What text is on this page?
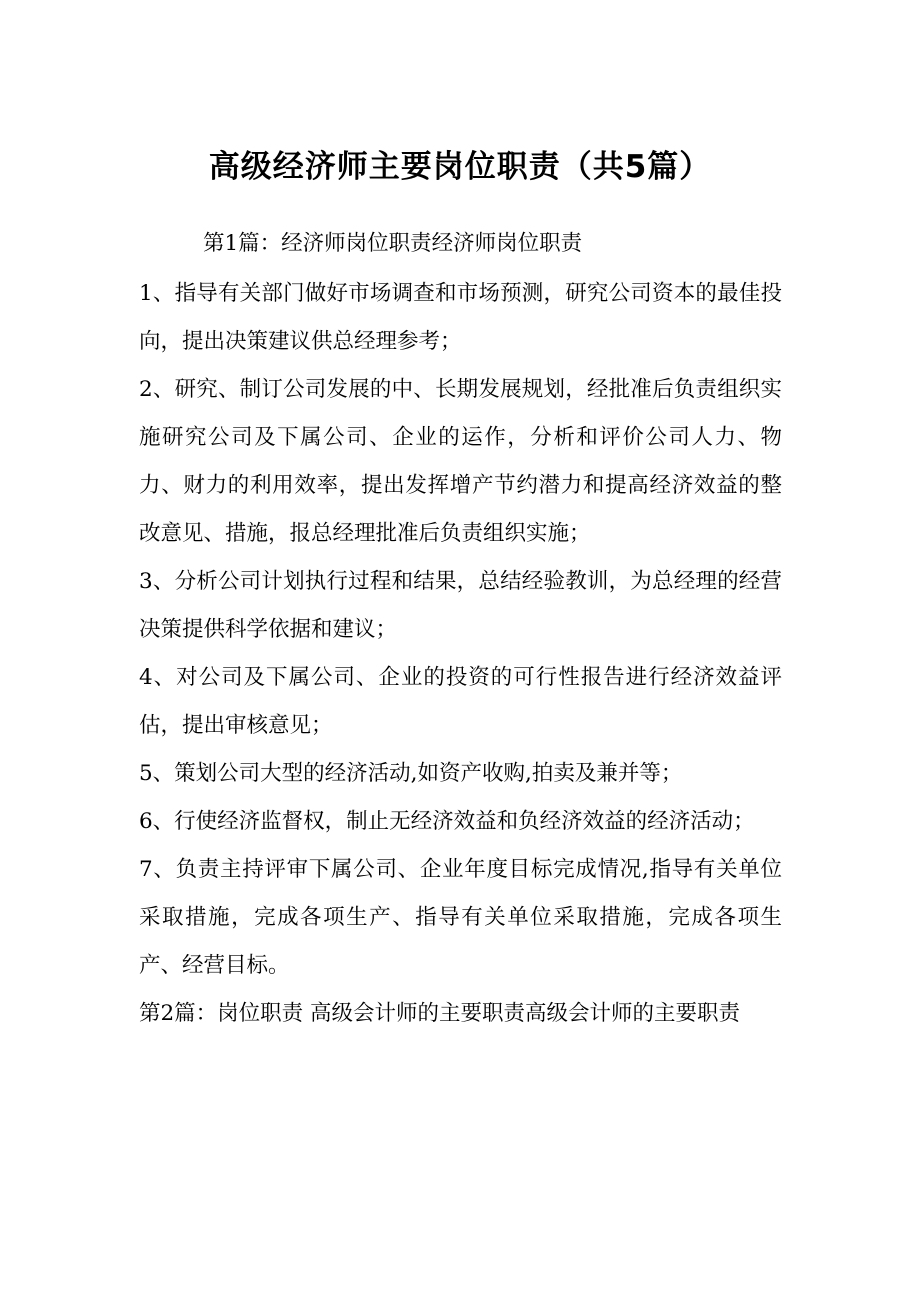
高级经济师主要岗位职责（共5篇）

第1篇：经济师岗位职责经济师岗位职责

1、指导有关部门做好市场调查和市场预测，研究公司资本的最佳投向，提出决策建议供总经理参考；

2、研究、制订公司发展的中、长期发展规划，经批准后负责组织实施研究公司及下属公司、企业的运作，分析和评价公司人力、物力、财力的利用效率，提出发挥增产节约潜力和提高经济效益的整改意见、措施，报总经理批准后负责组织实施；

3、分析公司计划执行过程和结果，总结经验教训，为总经理的经营决策提供科学依据和建议；

4、对公司及下属公司、企业的投资的可行性报告进行经济效益评估，提出审核意见；

5、策划公司大型的经济活动,如资产收购,拍卖及兼并等；

6、行使经济监督权，制止无经济效益和负经济效益的经济活动；

7、负责主持评审下属公司、企业年度目标完成情况,指导有关单位采取措施，完成各项生产、指导有关单位采取措施，完成各项生产、经营目标。

第2篇：岗位职责 高级会计师的主要职责高级会计师的主要职责
